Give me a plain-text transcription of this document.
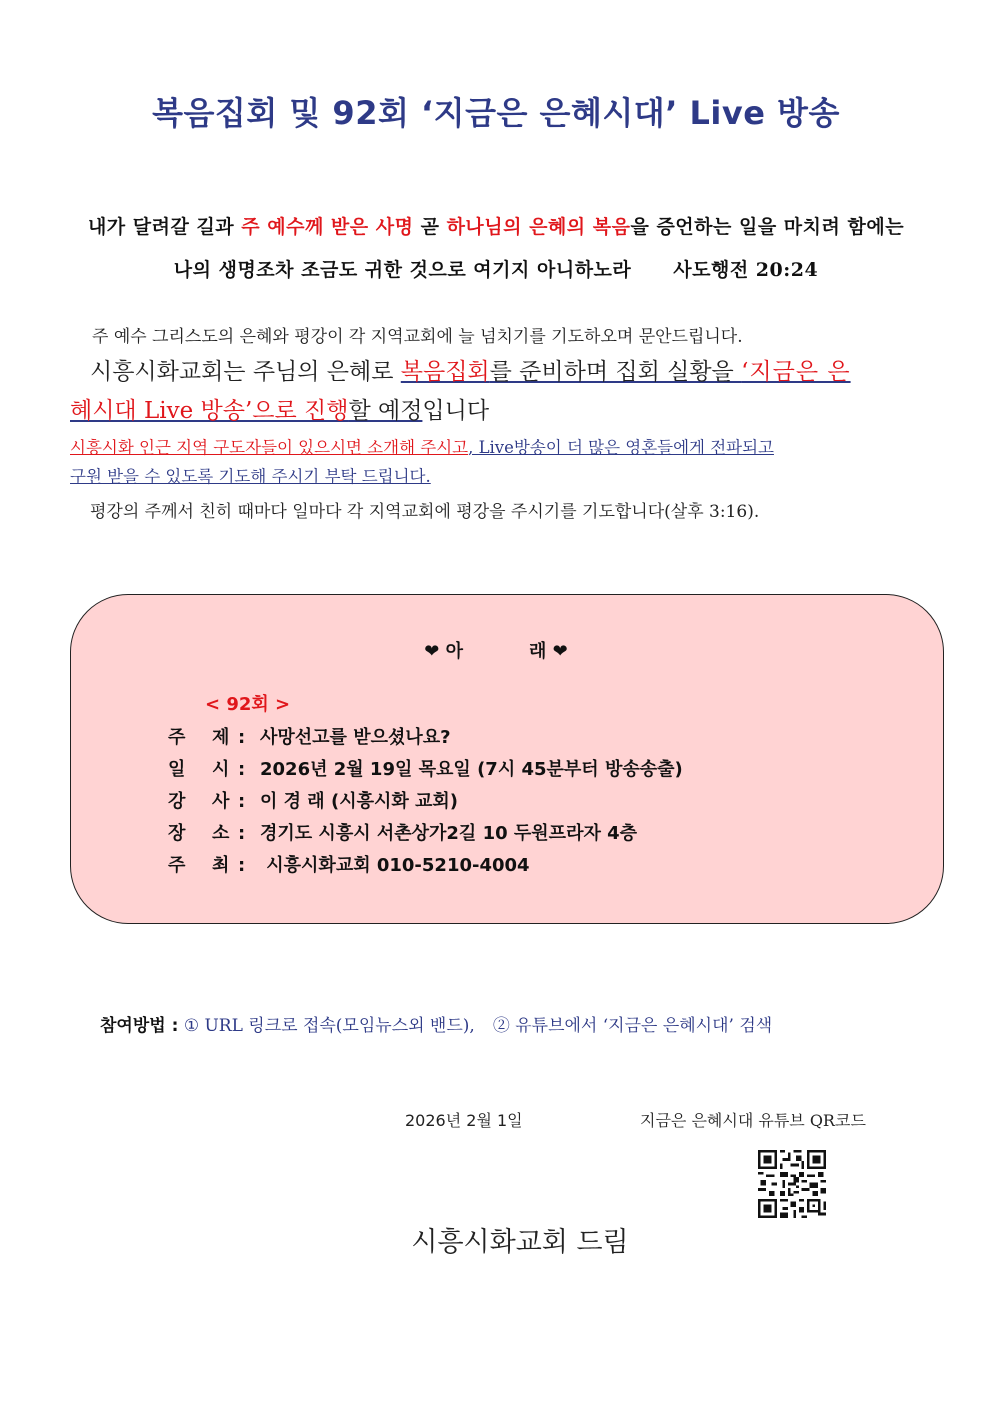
복음집회 및 92회 ‘지금은 은혜시대’ Live 방송
내가 달려갈 길과 주 예수께 받은 사명 곧 하나님의 은혜의 복음을 증언하는 일을 마치려 함에는
나의 생명조차 조금도 귀한 것으로 여기지 아니하노라 사도행전 20:24
주 예수 그리스도의 은혜와 평강이 각 지역교회에 늘 넘치기를 기도하오며 문안드립니다.
시흥시화교회는 주님의 은혜로 복음집회를 준비하며 집회 실황을 ‘지금은 은
혜시대 Live 방송’으로 진행할 예정입니다
시흥시화 인근 지역 구도자들이 있으시면 소개해 주시고, Live방송이 더 많은 영혼들에게 전파되고
구원 받을 수 있도록 기도해 주시기 부탁 드립니다.
평강의 주께서 친히 때마다 일마다 각 지역교회에 평강을 주시기를 기도합니다(살후 3:16).
❤ 아	래 ❤
< 92회 >
주 제 : 사망선고를 받으셨나요?
일 시 : 2026년 2월 19일 목요일 (7시 45분부터 방송송출)
강 사 : 이 경 래 (시흥시화 교회)
장 소 : 경기도 시흥시 서촌상가2길 10 두원프라자 4층
주 최 : 시흥시화교회 010-5210-4004
참여방법 : ① URL 링크로 접속(모임뉴스외 밴드), ② 유튜브에서 ‘지금은 은혜시대’ 검색
2026년 2월 1일	지금은 은혜시대 유튜브 QR코드
시흥시화교회 드림
